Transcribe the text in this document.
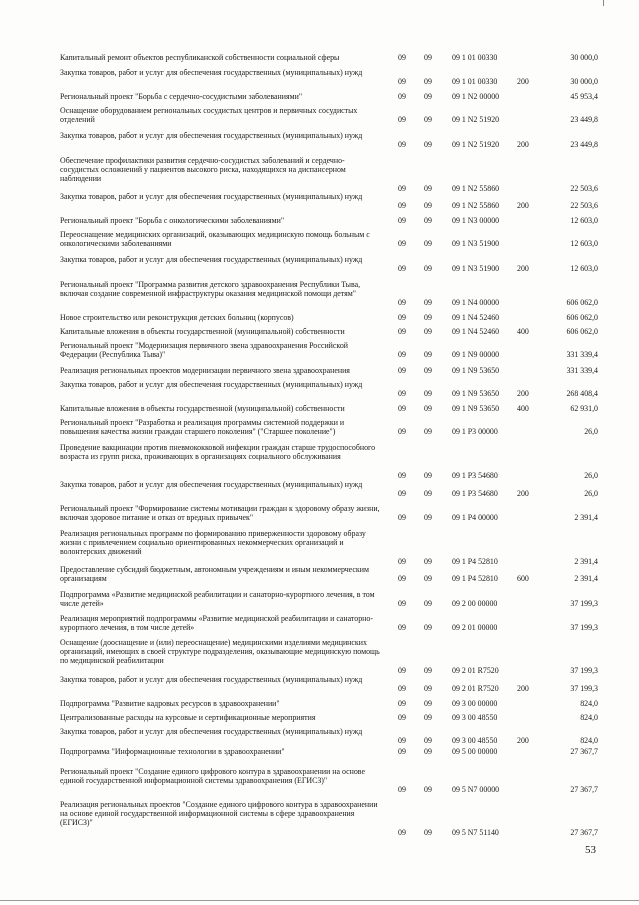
Капитальный ремонт объектов республиканской собственности социальной сферы	09	09	09 1 01 00330	30 000,0
Закупка товаров, работ и услуг для обеспечения государственных (муниципальных) нужд
09	09	09 1 01 00330	200	30 000,0
Региональный проект "Борьба с сердечно-сосудистыми заболеваниями"	09	09	09 1 N2 00000	45 953,4
Оснащение оборудованием региональных сосудистых центров и первичных сосудистых отделений	09	09	09 1 N2 51920	23 449,8
Закупка товаров, работ и услуг для обеспечения государственных (муниципальных) нужд
09	09	09 1 N2 51920	200	23 449,8
Обеспечение профилактики развития сердечно-сосудистых заболеваний и сердечно-сосудистых осложнений у пациентов высокого риска, находящихся на диспансерном наблюдении
09	09	09 1 N2 55860	22 503,6
Закупка товаров, работ и услуг для обеспечения государственных (муниципальных) нужд
09	09	09 1 N2 55860	200	22 503,6
Региональный проект "Борьба с онкологическими заболеваниями"	09	09	09 1 N3 00000	12 603,0
Переоснащение медицинских организаций, оказывающих медицинскую помощь больным с онкологическими заболеваниями	09	09	09 1 N3 51900	12 603,0
Закупка товаров, работ и услуг для обеспечения государственных (муниципальных) нужд
09	09	09 1 N3 51900	200	12 603,0
Региональный проект "Программа развития детского здравоохранения Республики Тыва, включая создание современной инфраструктуры оказания медицинской помощи детям"
09	09	09 1 N4 00000	606 062,0
Новое строительство или реконструкция детских больниц (корпусов)	09	09	09 1 N4 52460	606 062,0
Капитальные вложения в объекты государственной (муниципальной) собственности	09	09	09 1 N4 52460	400	606 062,0
Региональный проект "Модернизация первичного звена здравоохранения Российской Федерации (Республика Тыва)"	09	09	09 1 N9 00000	331 339,4
Реализация региональных проектов модернизации первичного звена здравоохранения	09	09	09 1 N9 53650	331 339,4
Закупка товаров, работ и услуг для обеспечения государственных (муниципальных) нужд
09	09	09 1 N9 53650	200	268 408,4
Капитальные вложения в объекты государственной (муниципальной) собственности	09	09	09 1 N9 53650	400	62 931,0
Региональный проект "Разработка и реализация программы системной поддержки и повышения качества жизни граждан старшего поколения" ("Старшее поколение")	09	09	09 1 P3 00000	26,0
Проведение вакцинации против пневмококковой инфекции граждан старше трудоспособного возраста из групп риска, проживающих в организациях социального обслуживания
09	09	09 1 P3 54680	26,0
Закупка товаров, работ и услуг для обеспечения государственных (муниципальных) нужд
09	09	09 1 P3 54680	200	26,0
Региональный проект "Формирование системы мотивации граждан к здоровому образу жизни, включая здоровое питание и отказ от вредных привычек"	09	09	09 1 P4 00000	2 391,4
Реализация региональных программ по формированию приверженности здоровому образу жизни с привлечением социально ориентированных некоммерческих организаций и волонтерских движений
09	09	09 1 P4 52810	2 391,4
Предоставление субсидий бюджетным, автономным учреждениям и иным некоммерческим организациям	09	09	09 1 P4 52810	600	2 391,4
Подпрограмма «Развитие медицинской реабилитации и санаторно-курортного лечения, в том числе детей»	09	09	09 2 00 00000	37 199,3
Реализация мероприятий подпрограммы «Развитие медицинской реабилитации и санаторно-курортного лечения, в том числе детей»	09	09	09 2 01 00000	37 199,3
Оснащение (дооснащение и (или) переоснащение) медицинскими изделиями медицинских организаций, имеющих в своей структуре подразделения, оказывающие медицинскую помощь по медицинской реабилитации
09	09	09 2 01 R7520	37 199,3
Закупка товаров, работ и услуг для обеспечения государственных (муниципальных) нужд
09	09	09 2 01 R7520	200	37 199,3
Подпрограмма "Развитие кадровых ресурсов в здравоохранении"	09	09	09 3 00 00000	824,0
Централизованные расходы на курсовые и сертификационные мероприятия	09	09	09 3 00 48550	824,0
Закупка товаров, работ и услуг для обеспечения государственных (муниципальных) нужд
09	09	09 3 00 48550	200	824,0
Подпрограмма "Информационные технологии в здравоохранении"	09	09	09 5 00 00000	27 367,7
Региональный проект "Создание единого цифрового контура в здравоохранении на основе единой государственной информационной системы здравоохранения (ЕГИСЗ)"
09	09	09 5 N7 00000	27 367,7
Реализация региональных проектов "Создание единого цифрового контура в здравоохранении на основе единой государственной информационной системы в сфере здравоохранения (ЕГИСЗ)"
09	09	09 5 N7 51140	27 367,7
53
